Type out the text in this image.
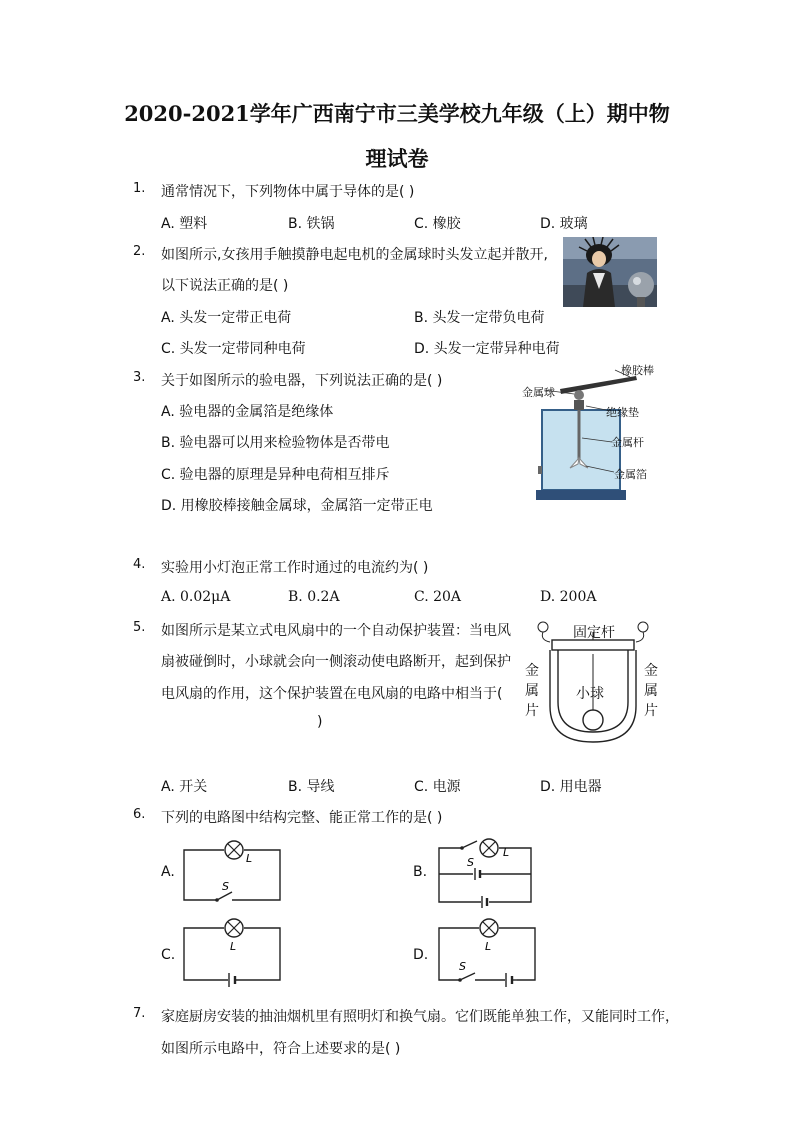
2020-2021学年广西南宁市三美学校九年级（上）期中物
理试卷
1. 通常情况下，下列物体中属于导体的是( )
A. 塑料	B. 铁锅	C. 橡胶	D. 玻璃
2. 如图所示,女孩用手触摸静电起电机的金属球时头发立起并散开,
以下说法正确的是( )
A. 头发一定带正电荷	B. 头发一定带负电荷
C. 头发一定带同种电荷	D. 头发一定带异种电荷
3. 关于如图所示的验电器，下列说法正确的是( )
A. 验电器的金属箔是绝缘体
B. 验电器可以用来检验物体是否带电
C. 验电器的原理是异种电荷相互排斥
D. 用橡胶棒接触金属球，金属箔一定带正电
橡胶棒
金属球
绝缘垫
金属杆
金属箔
4. 实验用小灯泡正常工作时通过的电流约为( )
A. 0.02μA	B. 0.2A	C. 20A	D. 200A
5. 如图所示是某立式电风扇中的一个自动保护装置：当电风
扇被碰倒时，小球就会向一侧滚动使电路断开，起到保护
电风扇的作用，这个保护装置在电风扇的电路中相当于(
)
A. 开关	B. 导线	C. 电源	D. 用电器
固定杆
金
属
片
金
属
片
小球
6. 下列的电路图中结构完整、能正常工作的是( )
A.	B.
C.	D.
L
S
L
S
L	L
S
7. 家庭厨房安装的抽油烟机里有照明灯和换气扇。它们既能单独工作，又能同时工作，
如图所示电路中，符合上述要求的是( )
